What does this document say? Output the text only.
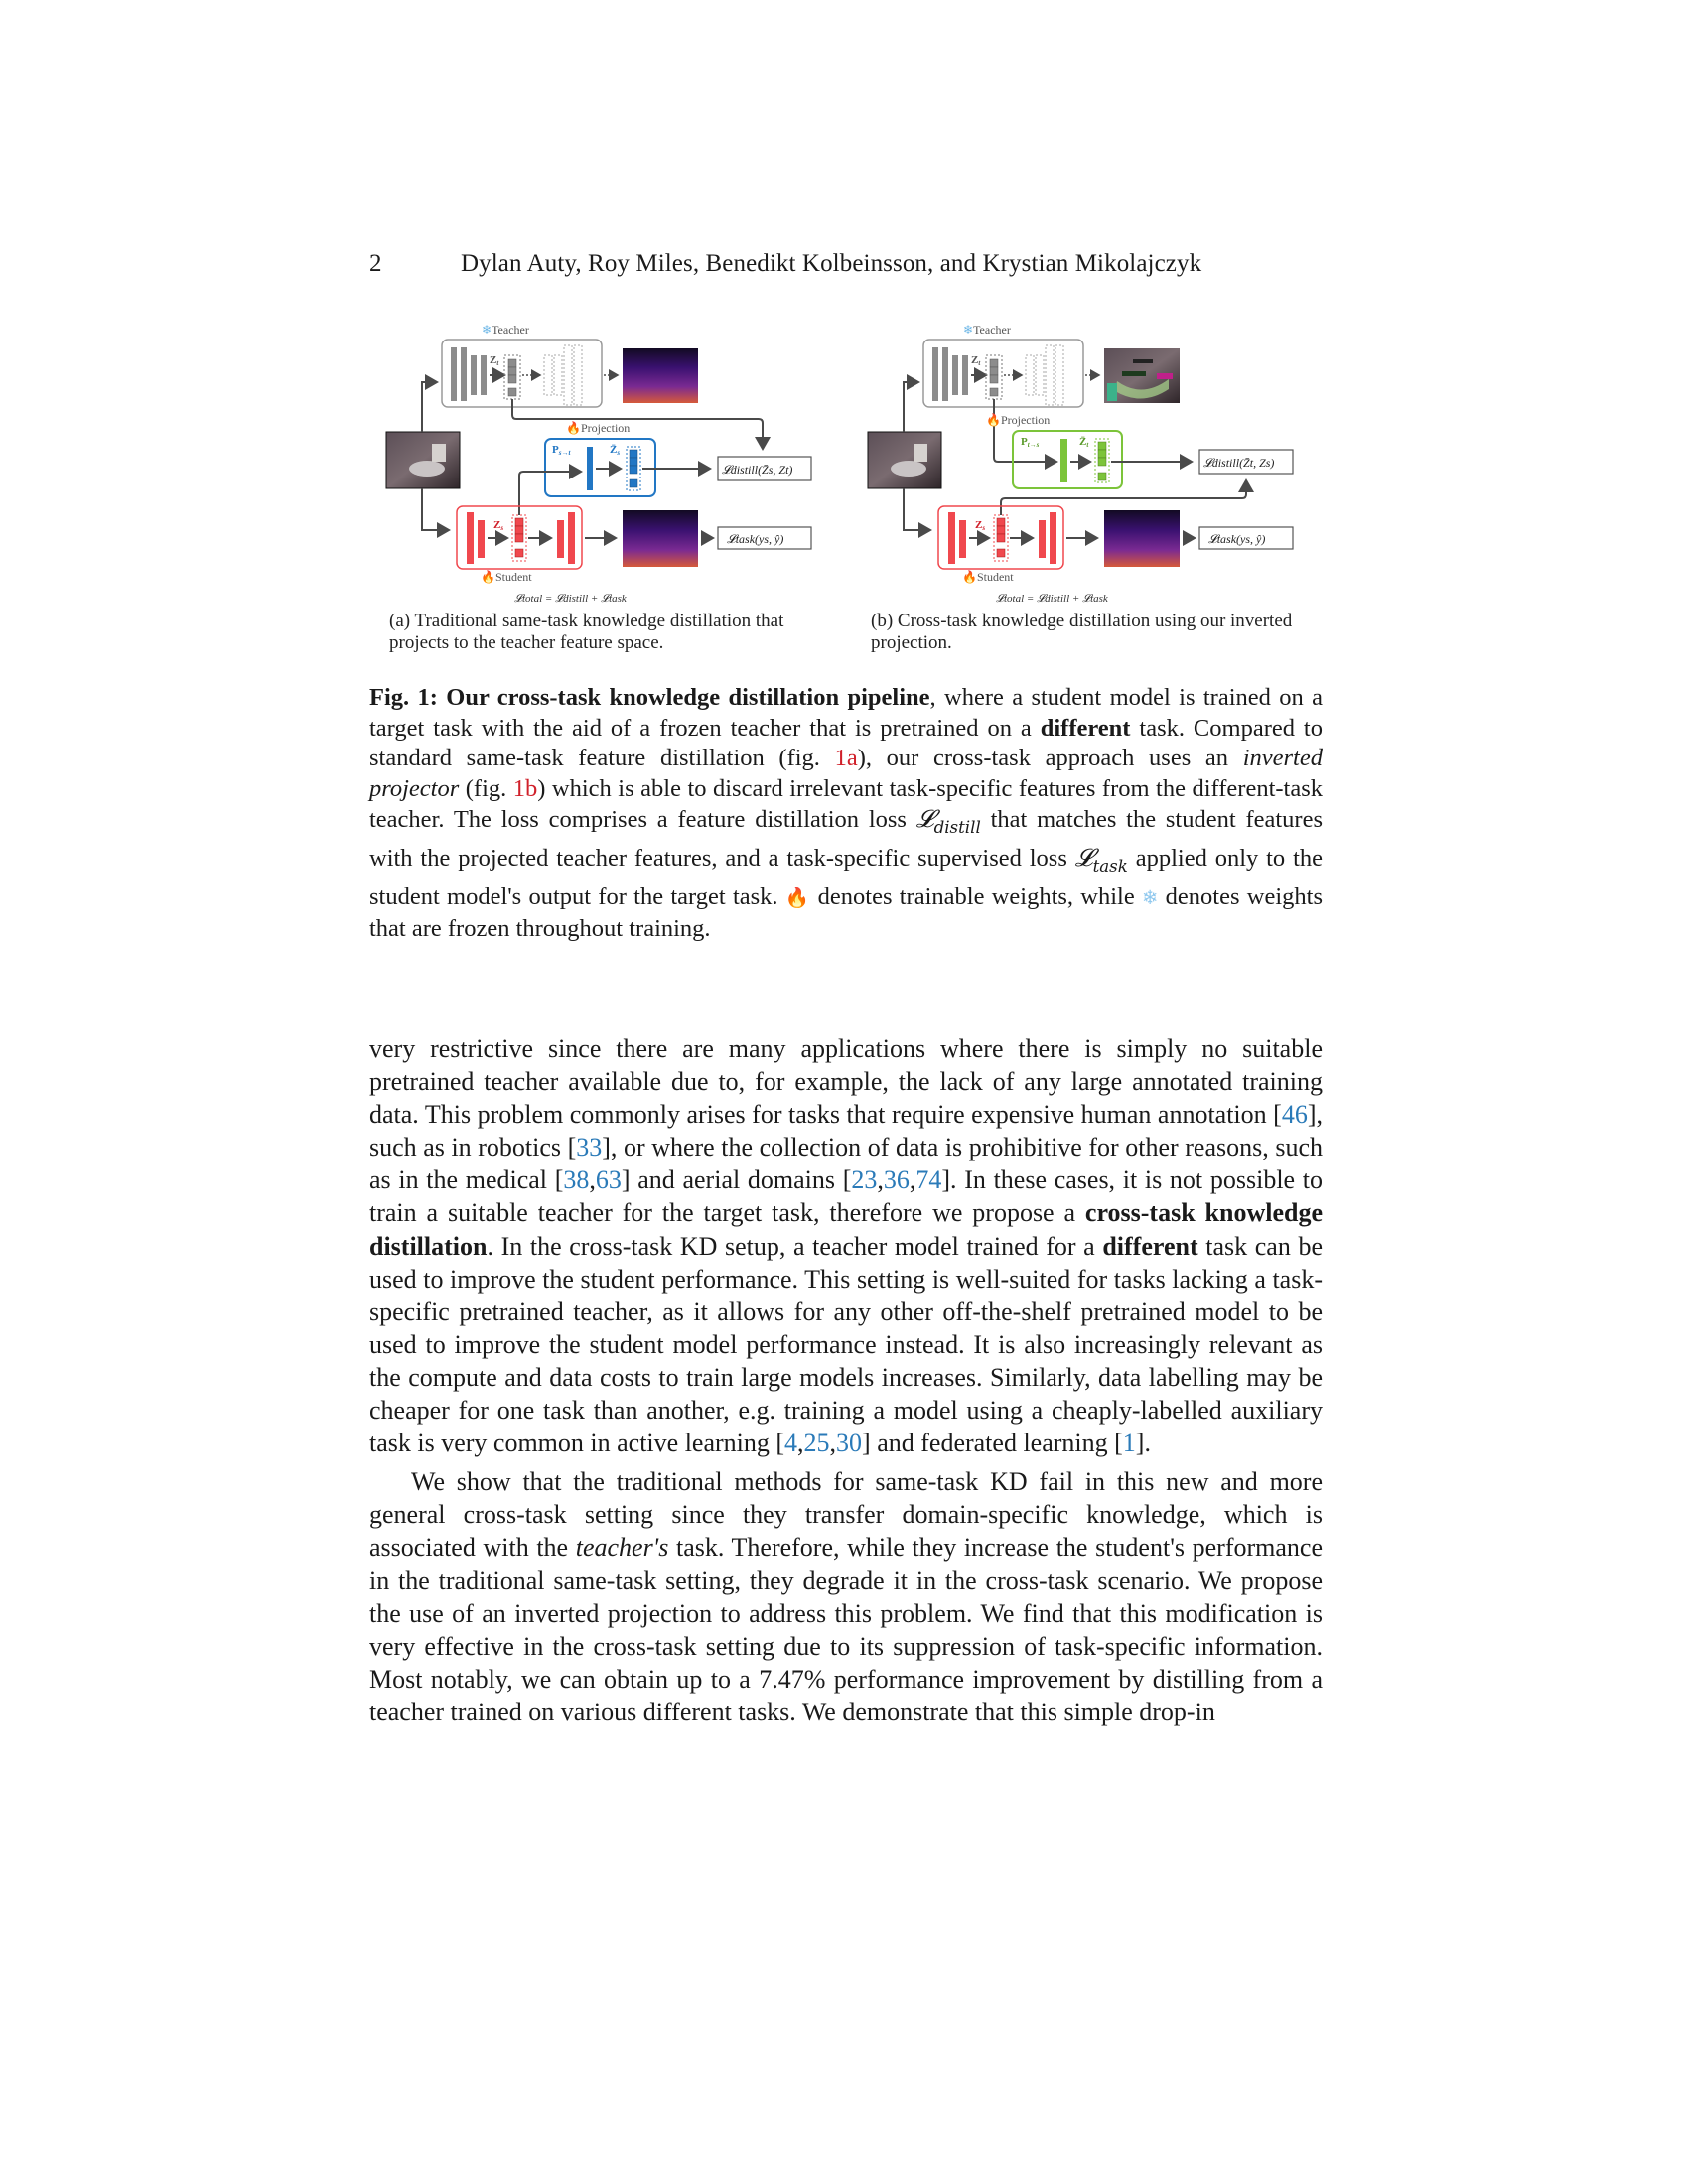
2	Dylan Auty, Roy Miles, Benedikt Kolbeinsson, and Krystian Mikolajczyk
❄Teacher
Zt
🔥Projection
Ps→t	Z̄s
𝓛distill(Z̄s, Zt)
Zs
𝓛task(ys, ŷ)
🔥Student
𝓛total = 𝓛distill + 𝓛task
❄Teacher
Zt
🔥Projection
Pt→s	Z̄t
𝓛distill(Z̄t, Zs)
Zs
𝓛task(ys, ŷ)
🔥Student
𝓛total = 𝓛distill + 𝓛task
(a) Traditional same-task knowledge distillation that projects to the teacher feature space.
(b) Cross-task knowledge distillation using our inverted projection.
Fig. 1: Our cross-task knowledge distillation pipeline, where a student model is trained on a target task with the aid of a frozen teacher that is pretrained on a different task. Compared to standard same-task feature distillation (fig. 1a), our cross-task approach uses an inverted projector (fig. 1b) which is able to discard irrelevant task-specific features from the different-task teacher. The loss comprises a feature distillation loss 𝓛$_{distill}$ that matches the student features with the projected teacher features, and a task-specific supervised loss 𝓛$_{task}$ applied only to the student model's output for the target task. 🔥 denotes trainable weights, while ❄ denotes weights that are frozen throughout training.

very restrictive since there are many applications where there is simply no suitable pretrained teacher available due to, for example, the lack of any large annotated training data. This problem commonly arises for tasks that require expensive human annotation [46], such as in robotics [33], or where the collection of data is prohibitive for other reasons, such as in the medical [38,63] and aerial domains [23,36,74]. In these cases, it is not possible to train a suitable teacher for the target task, therefore we propose a cross-task knowledge distillation. In the cross-task KD setup, a teacher model trained for a different task can be used to improve the student performance. This setting is well-suited for tasks lacking a task-specific pretrained teacher, as it allows for any other off-the-shelf pretrained model to be used to improve the student model performance instead. It is also increasingly relevant as the compute and data costs to train large models increases. Similarly, data labelling may be cheaper for one task than another, e.g. training a model using a cheaply-labelled auxiliary task is very common in active learning [4,25,30] and federated learning [1].

We show that the traditional methods for same-task KD fail in this new and more general cross-task setting since they transfer domain-specific knowledge, which is associated with the teacher's task. Therefore, while they increase the student's performance in the traditional same-task setting, they degrade it in the cross-task scenario. We propose the use of an inverted projection to address this problem. We find that this modification is very effective in the cross-task setting due to its suppression of task-specific information. Most notably, we can obtain up to a 7.47% performance improvement by distilling from a teacher trained on various different tasks. We demonstrate that this simple drop-in
